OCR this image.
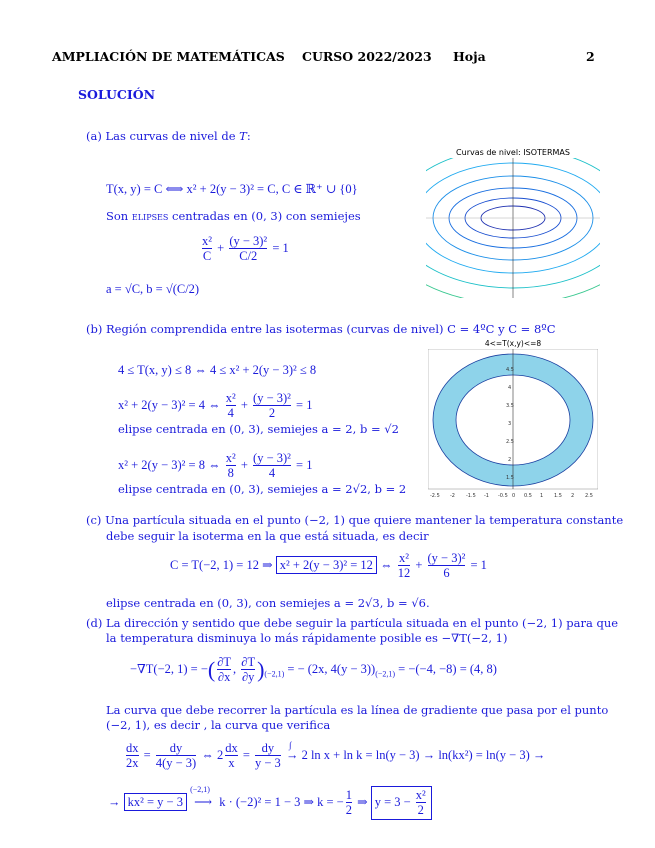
AMPLIACIÓN DE MATEMÁTICAS CURSO 2022/2023 Hoja	2
SOLUCIÓN
(a) Las curvas de nivel de T:
T(x, y) = C ⟺ x² + 2(y − 3)² = C, C ∈ ℝ⁺ ∪ {0}
Son elipses centradas en (0, 3) con semiejes
$\frac{\text{x²}}{C} + \frac{\text{(y − 3)²}}{C/2} = 1$
a = √C, b = √(C/2)
Curvas de nivel: ISOTERMAS
(b) Región comprendida entre las isotermas (curvas de nivel) C = 4ºC y C = 8ºC
4 ≤ T(x, y) ≤ 8 ⇔ 4 ≤ x² + 2(y − 3)² ≤ 8
x² + 2(y − 3)² = 4 ⇔ $\frac{\text{x²}}{4} + \frac{\text{(y − 3)²}}{2} = 1$
elipse centrada en (0, 3), semiejes a = 2, b = √2
x² + 2(y − 3)² = 8 ⇔ $\frac{\text{x²}}{8} + \frac{\text{(y − 3)²}}{4} = 1$
elipse centrada en (0, 3), semiejes a = 2√2, b = 2
4<=T(x,y)<=8
4.5
4
3.5
3
2.5
2
1.5
-2.5 -2 -1.5 -1 -0.5 0 0.5 1 1.5 2 2.5
(c) Una partícula situada en el punto (−2, 1) que quiere mantener la temperatura constante
debe seguir la isoterma en la que está situada, es decir
C = T(−2, 1) = 12 ⇒ x² + 2(y − 3)² = 12 ⇔ $\frac{\text{x²}}{12} + \frac{\text{(y − 3)²}}{6} = 1$
elipse centrada en (0, 3), con semiejes a = 2√3, b = √6.
(d) La dirección y sentido que debe seguir la partícula situada en el punto (−2, 1) para que
la temperatura disminuya lo más rápidamente posible es −∇T(−2, 1)
−∇T(−2, 1) = −( $\frac{\partial T}{\partial x}$ , $\frac{\partial T}{\partial y} )_{(-2,1)}$ = − (2x, $4(y - 3))_{(-2,1)} = -(-4$, −8) = (4, 8)
La curva que debe recorrer la partícula es la línea de gradiente que pasa por el punto
(−2, 1), es decir , la curva que verifica
$\frac{dx}{2x} = \frac{dy}{4(y - 3)}$ ⇔ $2 \frac{dx}{x} = \frac{dy}{y - 3}$ →
∫
2 ln x + ln k = ln(y − 3) → ln(kx²) = ln(y − 3) →
→ kx² = y − 3 ⟶
(−2,1)
k · (−2)² = 1 − 3 ⇒ k = − $\frac{1}{2}$ ⇒ $y = 3 - \frac{\text{x²}}{2}$
